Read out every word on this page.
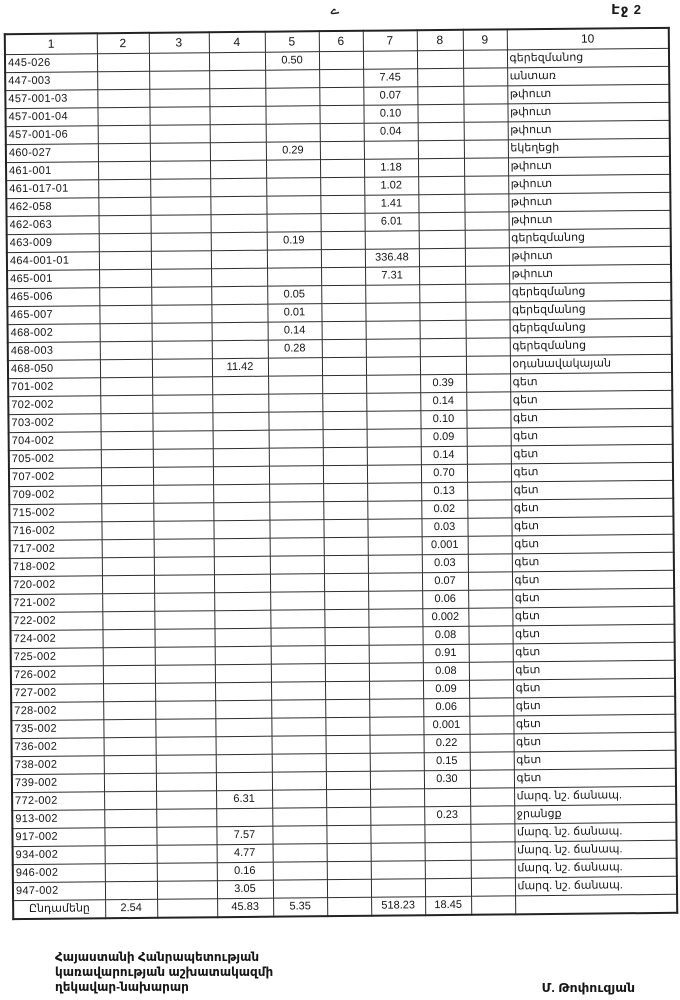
ے	Էջ 2
1	2	3	4	5	6	7	8	9	10
445-026				0.50					գերեզմանոց
447-003						7.45			անտառ
457-001-03						0.07			թփուտ
457-001-04						0.10			թփուտ
457-001-06						0.04			թփուտ
460-027				0.29					եկեղեցի
461-001						1.18			թփուտ
461-017-01						1.02			թփուտ
462-058						1.41			թփուտ
462-063						6.01			թփուտ
463-009				0.19					գերեզմանոց
464-001-01						336.48			թփուտ
465-001						7.31			թփուտ
465-006				0.05					գերեզմանոց
465-007				0.01					գերեզմանոց
468-002				0.14					գերեզմանոց
468-003				0.28					գերեզմանոց
468-050			11.42						օդանավակայան
701-002							0.39		գետ
702-002							0.14		գետ
703-002							0.10		գետ
704-002							0.09		գետ
705-002							0.14		գետ
707-002							0.70		գետ
709-002							0.13		գետ
715-002							0.02		գետ
716-002							0.03		գետ
717-002							0.001		գետ
718-002							0.03		գետ
720-002							0.07		գետ
721-002							0.06		գետ
722-002							0.002		գետ
724-002							0.08		գետ
725-002							0.91		գետ
726-002							0.08		գետ
727-002							0.09		գետ
728-002							0.06		գետ
735-002							0.001		գետ
736-002							0.22		գետ
738-002							0.15		գետ
739-002							0.30		գետ
772-002			6.31						մարզ. նշ. ճանապ.
913-002							0.23		ջրանցք
917-002			7.57						մարզ. նշ. ճանապ.
934-002			4.77						մարզ. նշ. ճանապ.
946-002			0.16						մարզ. նշ. ճանապ.
947-002			3.05						մարզ. նշ. ճանապ.
Ընդամենը	2.54		45.83	5.35		518.23	18.45		
Հայաստանի Հանրապետության
կառավարության աշխատակազմի
ղեկավար-նախարար	Մ. Թոփուզյան
